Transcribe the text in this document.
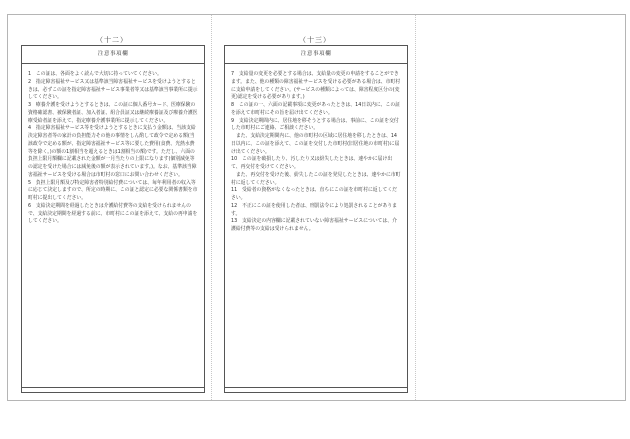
（十二）
注意事項欄

1　この証は、各面をよく読んで大切に持っていてください。

2　指定障害福祉サービス又は基準該当障害福祉サービスを受けようとするときは、必ずこの証を指定障害福祉サービス事業者等又は基準該当事業所に提示してください。

3　療養介護を受けようとするときは、この証に個人番号カード、医療保険の資格確認書、被保険者証、加入者証、組合員証又は継続療養証及び療養介護医療受給者証を添えて、指定療養介護事業所に提示してください。

4　指定障害福祉サービス等を受けようとするときに支払う金額は、当該支給決定障害者等の家計の負担能力その他の事情をしん酌して政令で定める額(当該政令で定める額が、指定障害福祉サービス等に要した費用(食費、光熱水費等を除く。)の額の1割相当を超えるときは1割相当の額)です。ただし、六面の負担上限月額欄に記載された金額が一月当たりの上限になります(個別減免等の認定を受けた場合には減免後の額が表示されています。)。なお、基準該当障害福祉サービスを受ける場合は市町村の窓口にお問い合わせください。

5　負担上限月額及び特定障害者特別給付費については、毎年利用者の収入等に応じて決定しますので、所定の時期に、この証と認定に必要な関係書類を市町村に提出してください。

6　支給決定期間を経過したときは介護給付費等の支給を受けられませんので、支給決定期間を経過する前に、市町村にこの証を添えて、支給の再申請をしてください。

（十三）
注意事項欄

7　支給量の変更を必要とする場合は、支給量の変更の申請をすることができます。また、他の種類の障害福祉サービスを受ける必要がある場合は、市町村に支給申請をしてください。(サービスの種類によっては、障害程度区分の(変更)認定を受ける必要があります。)

8　この証の一、六面の記載事項に変更があったときは、14日以内に、この証を添えて市町村にその旨を届け出てください。

9　支給決定期間内に、居住地を移そうとする場合は、事前に、この証を交付した市町村にご連絡、ご相談ください。

　また、支給決定期間内に、他の市町村の区域に居住地を移したときは、14日以内に、この証を添えて、この証を交付した市町村(旧居住地の市町村)に届け出てください。

10　この証を破損したり、汚したり又は紛失したときは、速やかに届け出て、再交付を受けてください。

　また、再交付を受けた後、紛失したこの証を発見したときは、速やかに市町村に返してください。

11　受給者の資格がなくなったときは、直ちにこの証を市町村に返してください。

12　不正にこの証を使用した者は、刑罰法令により処罰されることがあります。

13　支給決定の内容欄に記載されていない障害福祉サービスについては、介護給付費等の支給は受けられません。
